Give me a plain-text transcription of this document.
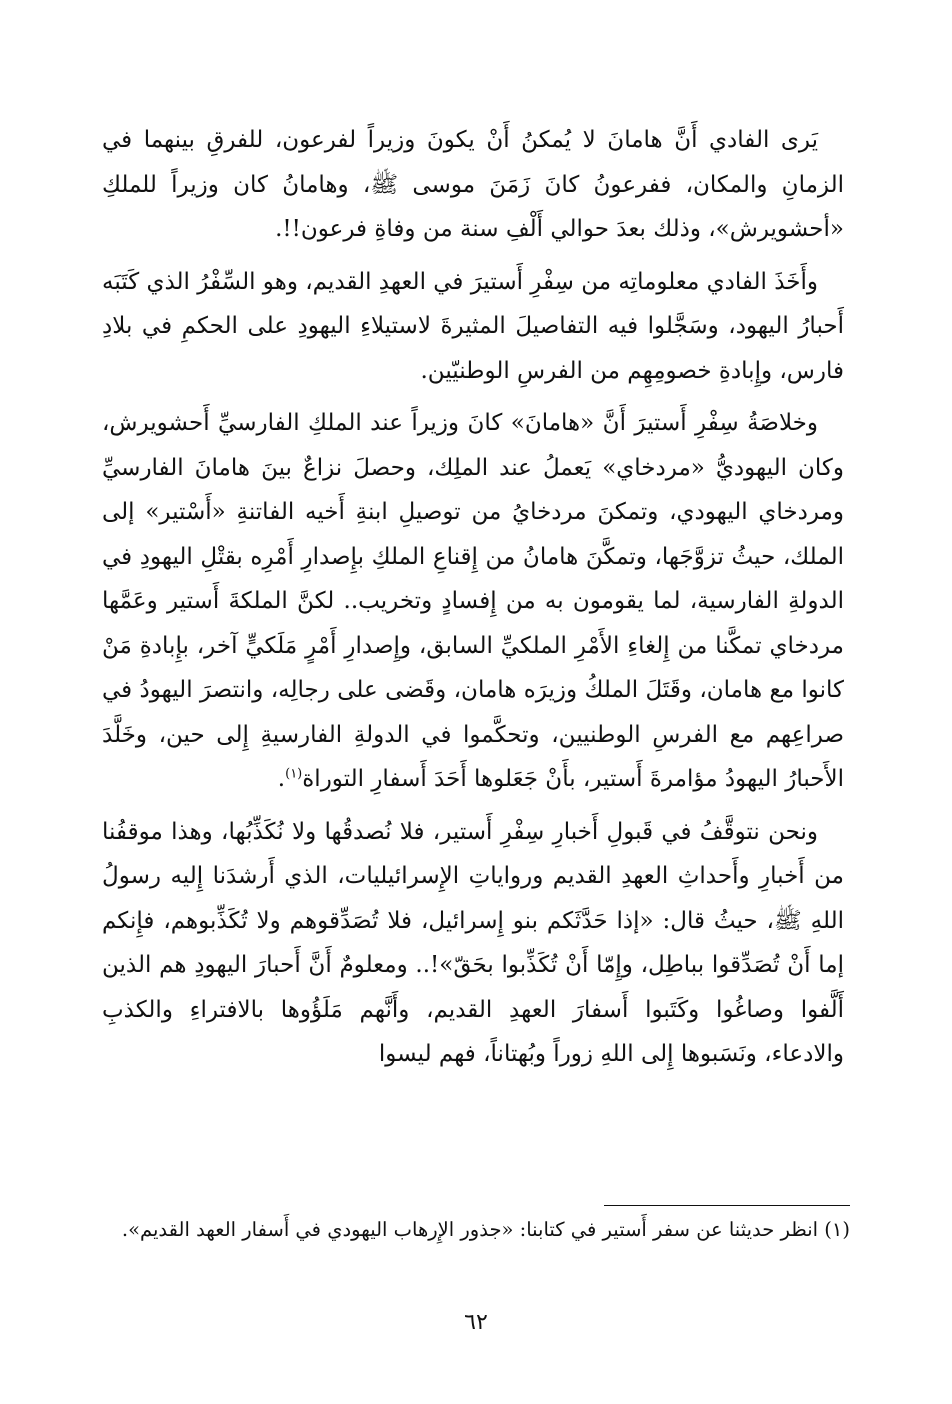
يَرى الفادي أَنَّ هامانَ لا يُمكنُ أَنْ يكونَ وزيراً لفرعون، للفرقِ بينهما في الزمانِ والمكان، ففرعونُ كانَ زَمَنَ موسى ﷺ، وهامانُ كان وزيراً للملكِ «أحشويرش»، وذلك بعدَ حوالي أَلْفِ سنة من وفاةِ فرعون!!.

وأَخَذَ الفادي معلوماتِه من سِفْرِ أَستيرَ في العهدِ القديم، وهو السِّفْرُ الذي كَتَبَه أَحبارُ اليهود، وسَجَّلوا فيه التفاصيلَ المثيرةَ لاستيلاءِ اليهودِ على الحكمِ في بلادِ فارس، وإِبادةِ خصومِهِم من الفرسِ الوطنيّين.

وخلاصَةُ سِفْرِ أَستيرَ أَنَّ «هامانَ» كانَ وزيراً عند الملكِ الفارسيِّ أَحشويرش، وكان اليهوديُّ «مردخاي» يَعملُ عند الملِك، وحصلَ نزاعٌ بينَ هامانَ الفارسيِّ ومردخاي اليهودي، وتمكنَ مردخايُ من توصيلِ ابنةِ أَخيه الفاتنةِ «أَسْتير» إلى الملك، حيثُ تزوَّجَها، وتمكَّنَ هامانُ من إِقناعِ الملكِ بإِصدارِ أَمْرِه بقتْلِ اليهودِ في الدولةِ الفارسية، لما يقومون به من إِفسادٍ وتخريب.. لكنَّ الملكةَ أَستير وعَمَّها مردخاي تمكَّنا من إِلغاءِ الأَمْرِ الملكيِّ السابق، وإِصدارِ أَمْرٍ مَلَكيٍّ آخر، بإِبادةِ مَنْ كانوا مع هامان، وقَتَلَ الملكُ وزيرَه هامان، وقَضى على رجالِه، وانتصرَ اليهودُ في صراعِهم مع الفرسِ الوطنيين، وتحكَّموا في الدولةِ الفارسيةِ إِلى حين، وخَلَّدَ الأَحبارُ اليهودُ مؤامرةَ أَستير، بأَنْ جَعَلوها أَحَدَ أَسفارِ التوراة$^{(١)}$.

ونحن نتوقَّفُ في قَبولِ أَخبارِ سِفْرِ أَستير، فلا نُصدقُها ولا نُكَذِّبُها، وهذا موقفُنا من أَخبارِ وأَحداثِ العهدِ القديم ورواياتِ الإِسرائيليات، الذي أَرشدَنا إِليه رسولُ اللهِ ﷺ، حيثُ قال: «إذا حَدَّثَكم بنو إِسرائيل، فلا تُصَدِّقوهم ولا تُكَذِّبوهم، فإِنكم إما أَنْ تُصَدِّقوا بباطِل، وإِمّا أَنْ تُكَذِّبوا بحَقّ»!.. ومعلومٌ أَنَّ أَحبارَ اليهودِ هم الذين أَلَّفوا وصاغُوا وكَتَبوا أَسفارَ العهدِ القديم، وأَنَّهم مَلَؤُوها بالافتراءِ والكذبِ والادعاء، ونَسَبوها إِلى اللهِ زوراً وبُهتاناً، فهم ليسوا

(١) انظر حديثنا عن سفر أَستير في كتابنا: «جذور الإِرهاب اليهودي في أَسفار العهد القديم».

٦٢
